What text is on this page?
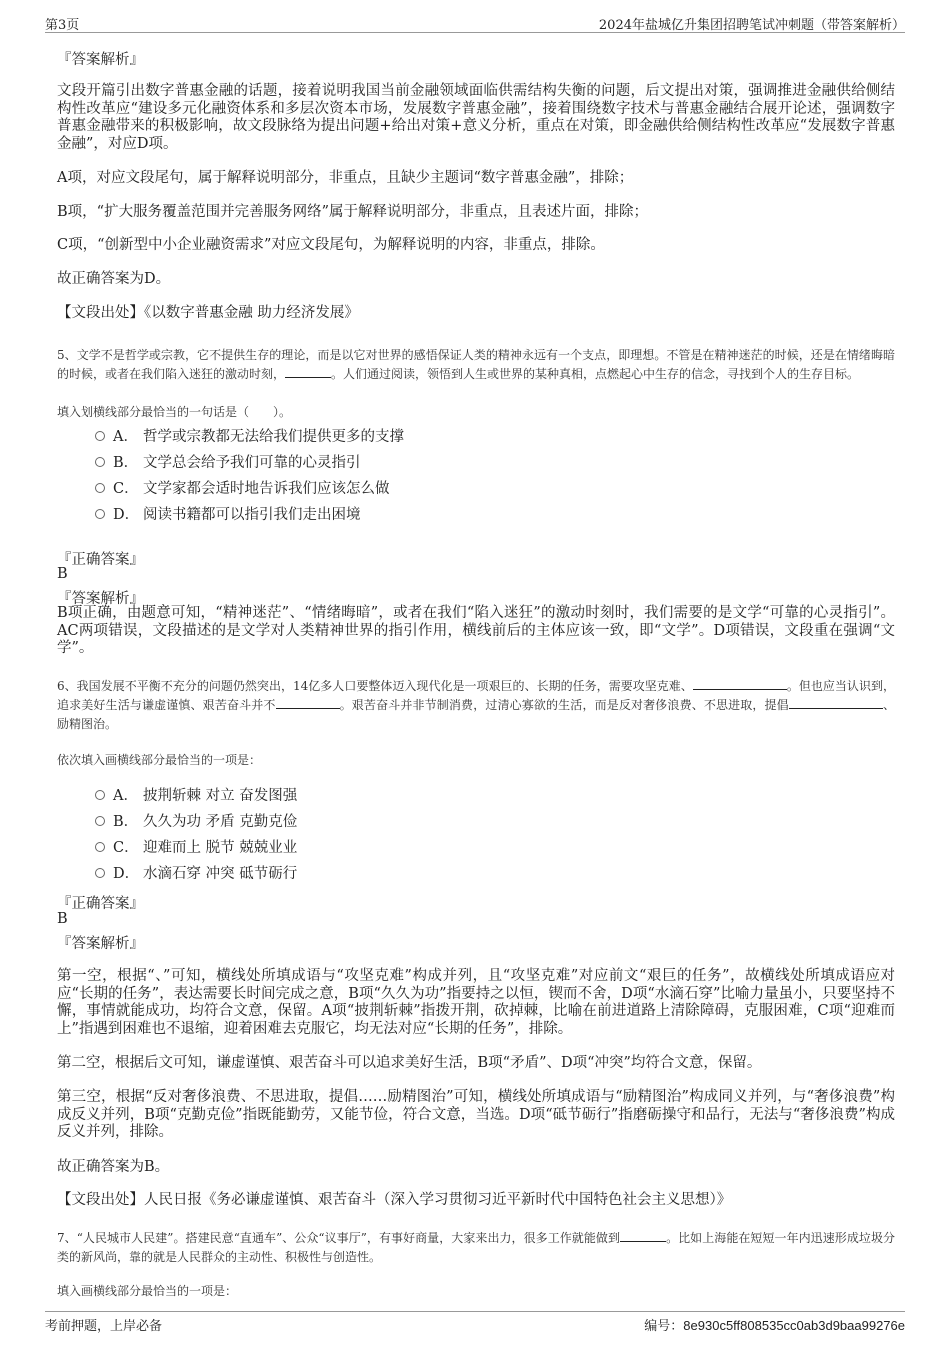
第3页	2024年盐城亿升集团招聘笔试冲刺题（带答案解析）
『答案解析』
文段开篇引出数字普惠金融的话题，接着说明我国当前金融领域面临供需结构失衡的问题，后文提出对策，强调推进金融供给侧结构性改革应“建设多元化融资体系和多层次资本市场，发展数字普惠金融”，接着围绕数字技术与普惠金融结合展开论述，强调数字普惠金融带来的积极影响，故文段脉络为提出问题+给出对策+意义分析，重点在对策，即金融供给侧结构性改革应“发展数字普惠金融”，对应D项。
A项，对应文段尾句，属于解释说明部分，非重点，且缺少主题词“数字普惠金融”，排除；
B项，“扩大服务覆盖范围并完善服务网络”属于解释说明部分，非重点，且表述片面，排除；
C项，“创新型中小企业融资需求”对应文段尾句，为解释说明的内容，非重点，排除。
故正确答案为D。
【文段出处】《以数字普惠金融 助力经济发展》
5、文学不是哲学或宗教，它不提供生存的理论，而是以它对世界的感悟保证人类的精神永远有一个支点，即理想。不管是在精神迷茫的时候，还是在情绪晦暗的时候，或者在我们陷入迷狂的激动时刻，	。人们通过阅读，领悟到人生或世界的某种真相，点燃起心中生存的信念，寻找到个人的生存目标。
填入划横线部分最恰当的一句话是（　　）。
A． 哲学或宗教都无法给我们提供更多的支撑
B． 文学总会给予我们可靠的心灵指引
C． 文学家都会适时地告诉我们应该怎么做
D． 阅读书籍都可以指引我们走出困境
『正确答案』
B
『答案解析』
B项正确，由题意可知，“精神迷茫”、“情绪晦暗”，或者在我们“陷入迷狂”的激动时刻时，我们需要的是文学“可靠的心灵指引”。AC两项错误，文段描述的是文学对人类精神世界的指引作用，横线前后的主体应该一致，即“文学”。D项错误，文段重在强调“文学”。
6、我国发展不平衡不充分的问题仍然突出，14亿多人口要整体迈入现代化是一项艰巨的、长期的任务，需要攻坚克难、	。但也应当认识到，追求美好生活与谦虚谨慎、艰苦奋斗并不	。艰苦奋斗并非节制消费，过清心寡欲的生活，而是反对奢侈浪费、不思进取，提倡	、励精图治。
依次填入画横线部分最恰当的一项是：
A． 披荆斩棘 对立 奋发图强
B． 久久为功 矛盾 克勤克俭
C． 迎难而上 脱节 兢兢业业
D． 水滴石穿 冲突 砥节砺行
『正确答案』
B
『答案解析』
第一空，根据“、”可知，横线处所填成语与“攻坚克难”构成并列，且“攻坚克难”对应前文“艰巨的任务”，故横线处所填成语应对应“长期的任务”，表达需要长时间完成之意，B项“久久为功”指要持之以恒，锲而不舍，D项“水滴石穿”比喻力量虽小，只要坚持不懈，事情就能成功，均符合文意，保留。A项“披荆斩棘”指拨开荆，砍掉棘，比喻在前进道路上清除障碍，克服困难，C项“迎难而上”指遇到困难也不退缩，迎着困难去克服它，均无法对应“长期的任务”，排除。
第二空，根据后文可知，谦虚谨慎、艰苦奋斗可以追求美好生活，B项“矛盾”、D项“冲突”均符合文意，保留。
第三空，根据“反对奢侈浪费、不思进取，提倡……励精图治”可知，横线处所填成语与“励精图治”构成同义并列，与“奢侈浪费”构成反义并列，B项“克勤克俭”指既能勤劳，又能节俭，符合文意，当选。D项“砥节砺行”指磨砺操守和品行，无法与“奢侈浪费”构成反义并列，排除。
故正确答案为B。
【文段出处】人民日报《务必谦虚谨慎、艰苦奋斗（深入学习贯彻习近平新时代中国特色社会主义思想）》
7、“人民城市人民建”。搭建民意“直通车”、公众“议事厅”，有事好商量，大家来出力，很多工作就能做到	。比如上海能在短短一年内迅速形成垃圾分类的新风尚，靠的就是人民群众的主动性、积极性与创造性。
填入画横线部分最恰当的一项是：
考前押题，上岸必备	编号：8e930c5ff808535cc0ab3d9baa99276e
